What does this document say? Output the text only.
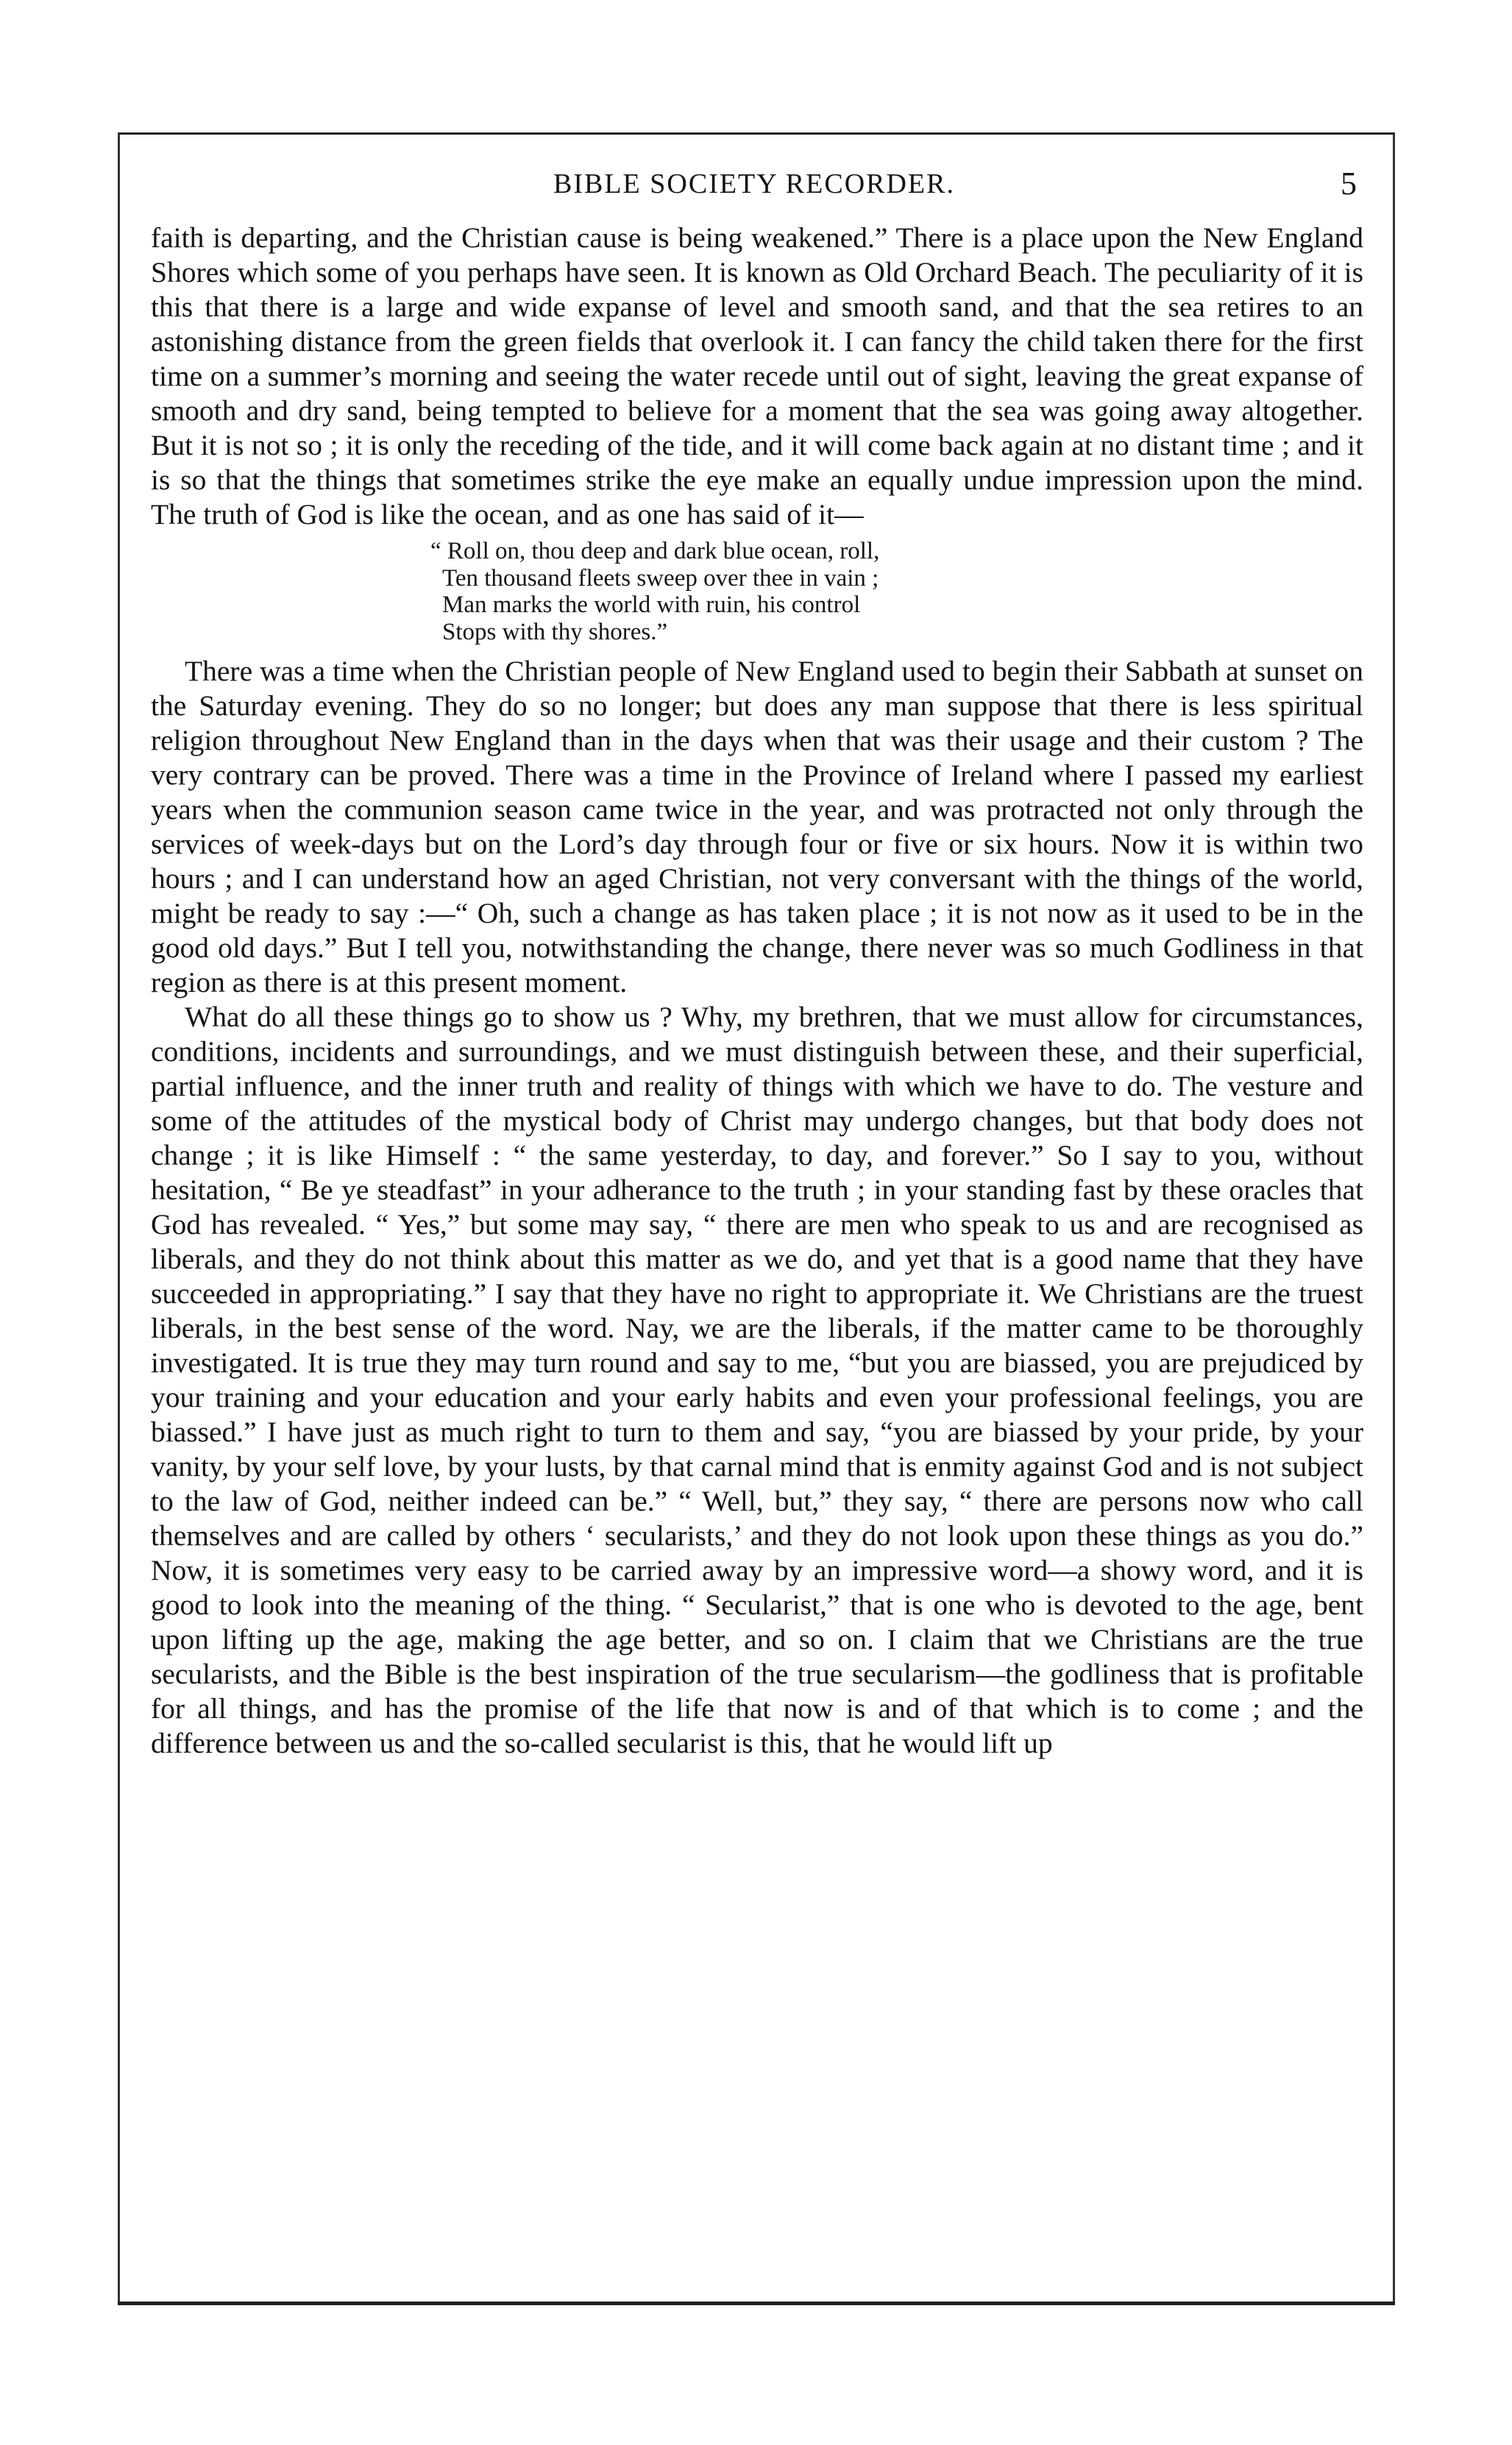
BIBLE SOCIETY RECORDER.	5

faith is departing, and the Christian cause is being weakened.” There is a place upon the New England Shores which some of you perhaps have seen. It is known as Old Orchard Beach. The peculiarity of it is this that there is a large and wide expanse of level and smooth sand, and that the sea retires to an astonishing distance from the green fields that overlook it. I can fancy the child taken there for the first time on a summer’s morning and seeing the water recede until out of sight, leaving the great expanse of smooth and dry sand, being tempted to believe for a moment that the sea was going away altogether. But it is not so ; it is only the receding of the tide, and it will come back again at no distant time ; and it is so that the things that sometimes strike the eye make an equally undue impression upon the mind. The truth of God is like the ocean, and as one has said of it—

“ Roll on, thou deep and dark blue ocean, roll,
Ten thousand fleets sweep over thee in vain ;
Man marks the world with ruin, his control
Stops with thy shores.”

There was a time when the Christian people of New England used to begin their Sabbath at sunset on the Saturday evening. They do so no longer; but does any man suppose that there is less spiritual religion throughout New England than in the days when that was their usage and their custom ? The very contrary can be proved. There was a time in the Province of Ireland where I passed my earliest years when the communion season came twice in the year, and was protracted not only through the services of week-days but on the Lord’s day through four or five or six hours. Now it is within two hours ; and I can understand how an aged Christian, not very conversant with the things of the world, might be ready to say :—“ Oh, such a change as has taken place ; it is not now as it used to be in the good old days.” But I tell you, notwithstanding the change, there never was so much Godliness in that region as there is at this present moment.

What do all these things go to show us ? Why, my brethren, that we must allow for circumstances, conditions, incidents and surroundings, and we must distinguish between these, and their superficial, partial influence, and the inner truth and reality of things with which we have to do. The vesture and some of the attitudes of the mystical body of Christ may undergo changes, but that body does not change ; it is like Himself : “ the same yesterday, to day, and forever.” So I say to you, without hesitation, “ Be ye steadfast” in your adherance to the truth ; in your standing fast by these oracles that God has revealed. “ Yes,” but some may say, “ there are men who speak to us and are recognised as liberals, and they do not think about this matter as we do, and yet that is a good name that they have succeeded in appropriating.” I say that they have no right to appropriate it. We Christians are the truest liberals, in the best sense of the word. Nay, we are the liberals, if the matter came to be thoroughly investigated. It is true they may turn round and say to me, “but you are biassed, you are prejudiced by your training and your education and your early habits and even your professional feelings, you are biassed.” I have just as much right to turn to them and say, “you are biassed by your pride, by your vanity, by your self love, by your lusts, by that carnal mind that is enmity against God and is not subject to the law of God, neither indeed can be.” “ Well, but,” they say, “ there are persons now who call themselves and are called by others ‘ secularists,’ and they do not look upon these things as you do.” Now, it is sometimes very easy to be carried away by an impressive word—a showy word, and it is good to look into the meaning of the thing. “ Secularist,” that is one who is devoted to the age, bent upon lifting up the age, making the age better, and so on. I claim that we Christians are the true secularists, and the Bible is the best inspiration of the true secularism—the godliness that is profitable for all things, and has the promise of the life that now is and of that which is to come ; and the difference between us and the so-called secularist is this, that he would lift up
